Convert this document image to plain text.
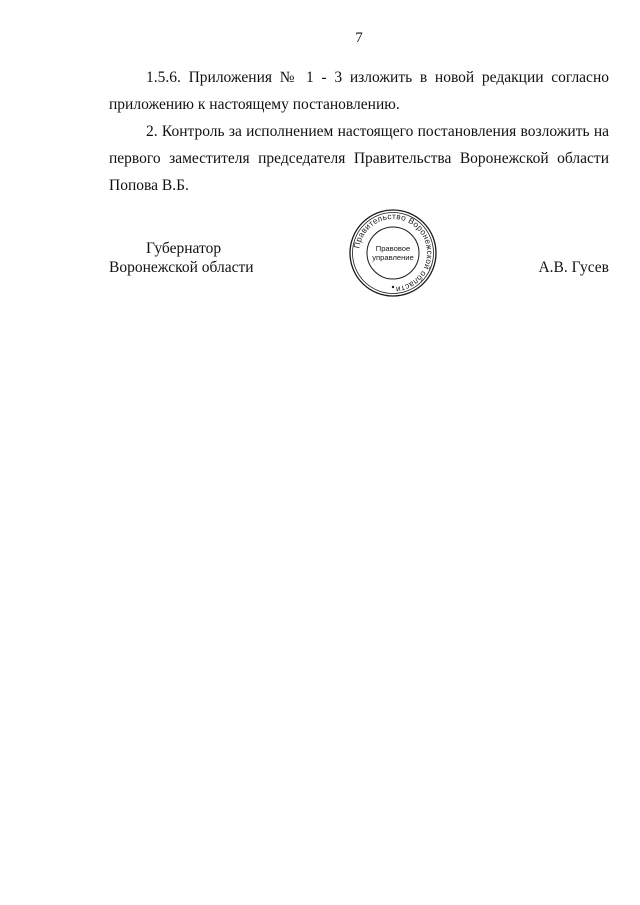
7

1.5.6. Приложения № 1 - 3 изложить в новой редакции согласно приложению к настоящему постановлению.

2. Контроль за исполнением настоящего постановления возложить на первого заместителя председателя Правительства Воронежской области Попова В.Б.

Губернатор
Воронежской области	А.В. Гусев
Правительство Воронежской области
Правовое
управление
